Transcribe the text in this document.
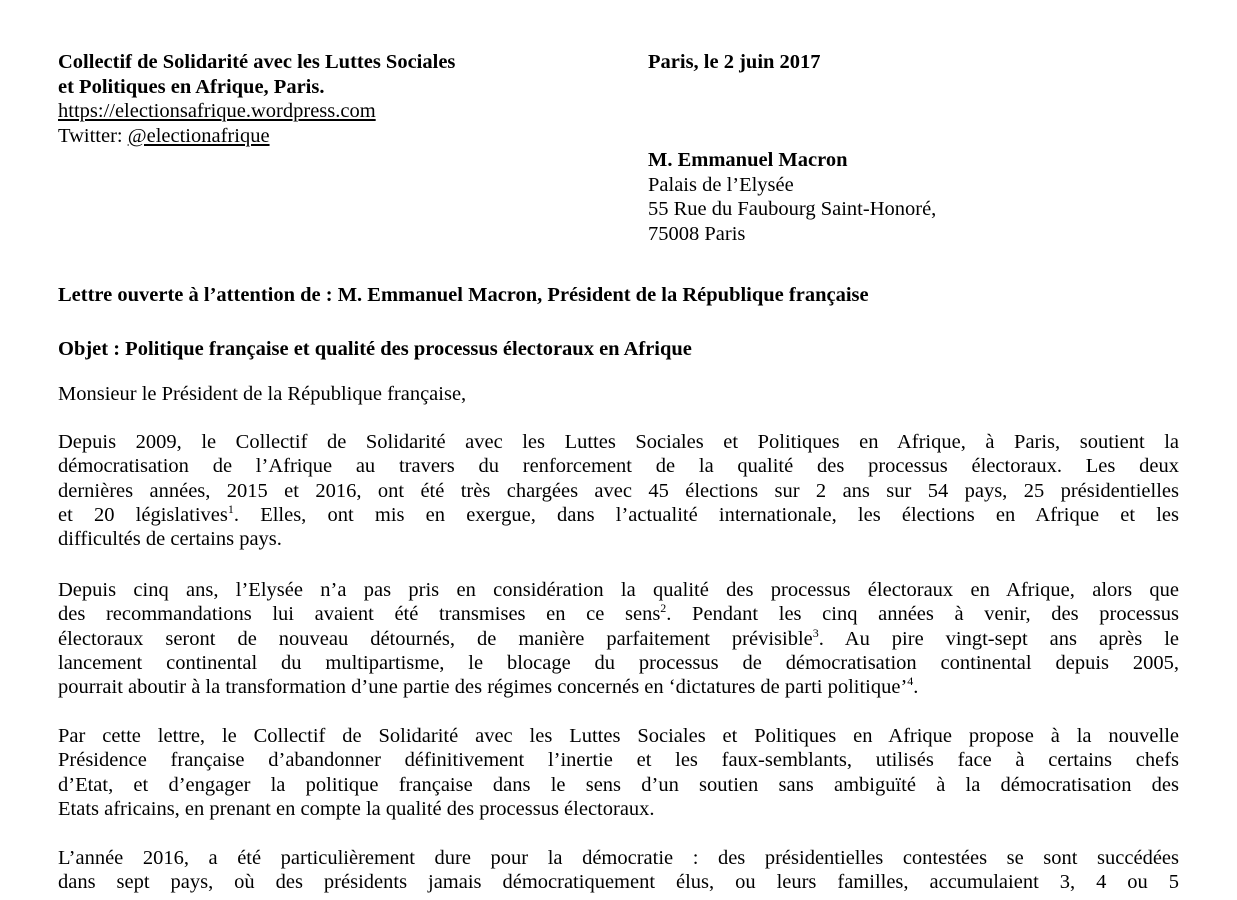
Collectif de Solidarité avec les Luttes Sociales
et Politiques en Afrique, Paris.
https://electionsafrique.wordpress.com
Twitter: @electionafrique
Paris, le 2 juin 2017
M. Emmanuel Macron
Palais de l’Elysée
55 Rue du Faubourg Saint-Honoré,
75008 Paris
Lettre ouverte à l’attention de : M. Emmanuel Macron, Président de la République française
Objet : Politique française et qualité des processus électoraux en Afrique
Monsieur le Président de la République française,
Depuis 2009, le Collectif de Solidarité avec les Luttes Sociales et Politiques en Afrique, à Paris, soutient la
démocratisation de l’Afrique au travers du renforcement de la qualité des processus électoraux. Les deux
dernières années, 2015 et 2016, ont été très chargées avec 45 élections sur 2 ans sur 54 pays, 25 présidentielles
et 20 législatives$^1$. Elles, ont mis en exergue, dans l’actualité internationale, les élections en Afrique et les
difficultés de certains pays.
Depuis cinq ans, l’Elysée n’a pas pris en considération la qualité des processus électoraux en Afrique, alors que
des recommandations lui avaient été transmises en ce sens$^2$. Pendant les cinq années à venir, des processus
électoraux seront de nouveau détournés, de manière parfaitement prévisible$^3$. Au pire vingt-sept ans après le
lancement continental du multipartisme, le blocage du processus de démocratisation continental depuis 2005,
pourrait aboutir à la transformation d’une partie des régimes concernés en ‘dictatures de parti politique’$^4$.
Par cette lettre, le Collectif de Solidarité avec les Luttes Sociales et Politiques en Afrique propose à la nouvelle
Présidence française d’abandonner définitivement l’inertie et les faux-semblants, utilisés face à certains chefs
d’Etat, et d’engager la politique française dans le sens d’un soutien sans ambiguïté à la démocratisation des
Etats africains, en prenant en compte la qualité des processus électoraux.
L’année 2016, a été particulièrement dure pour la démocratie : des présidentielles contestées se sont succédées
dans sept pays, où des présidents jamais démocratiquement élus, ou leurs familles, accumulaient 3, 4 ou 5
